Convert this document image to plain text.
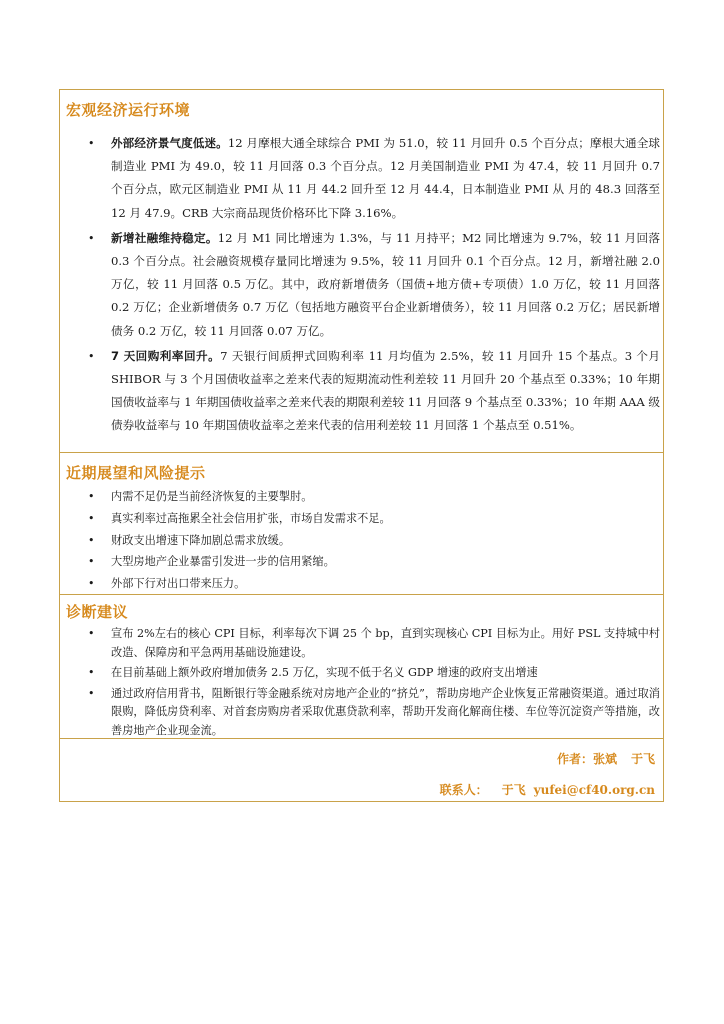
宏观经济运行环境
• 外部经济景气度低迷。12 月摩根大通全球综合 PMI 为 51.0，较 11 月回升 0.5 个百分点；摩根大通全球制造业 PMI 为 49.0，较 11 月回落 0.3 个百分点。12 月美国制造业 PMI 为 47.4，较 11 月回升 0.7 个百分点，欧元区制造业 PMI 从 11 月 44.2 回升至 12 月 44.4，日本制造业 PMI 从 月的 48.3 回落至 12 月 47.9。CRB 大宗商品现货价格环比下降 3.16%。
• 新增社融维持稳定。12 月 M1 同比增速为 1.3%，与 11 月持平；M2 同比增速为 9.7%，较 11 月回落 0.3 个百分点。社会融资规模存量同比增速为 9.5%，较 11 月回升 0.1 个百分点。12 月，新增社融 2.0 万亿，较 11 月回落 0.5 万亿。其中，政府新增债务（国债+地方债+专项债）1.0 万亿，较 11 月回落 0.2 万亿；企业新增债务 0.7 万亿（包括地方融资平台企业新增债务），较 11 月回落 0.2 万亿；居民新增债务 0.2 万亿，较 11 月回落 0.07 万亿。
• 7 天回购利率回升。7 天银行间质押式回购利率 11 月均值为 2.5%，较 11 月回升 15 个基点。3 个月 SHIBOR 与 3 个月国债收益率之差来代表的短期流动性利差较 11 月回升 20 个基点至 0.33%；10 年期国债收益率与 1 年期国债收益率之差来代表的期限利差较 11 月回落 9 个基点至 0.33%；10 年期 AAA 级债券收益率与 10 年期国债收益率之差来代表的信用利差较 11 月回落 1 个基点至 0.51%。
近期展望和风险提示
• 内需不足仍是当前经济恢复的主要掣肘。
• 真实利率过高拖累全社会信用扩张，市场自发需求不足。
• 财政支出增速下降加剧总需求放缓。
• 大型房地产企业暴雷引发进一步的信用紧缩。
• 外部下行对出口带来压力。
诊断建议
• 宣布 2%左右的核心 CPI 目标，利率每次下调 25 个 bp，直到实现核心 CPI 目标为止。用好 PSL 支持城中村改造、保障房和平急两用基础设施建设。
• 在目前基础上额外政府增加债务 2.5 万亿，实现不低于名义 GDP 增速的政府支出增速
• 通过政府信用背书，阻断银行等金融系统对房地产企业的“挤兑”，帮助房地产企业恢复正常融资渠道。通过取消限购，降低房贷利率、对首套房购房者采取优惠贷款利率，帮助开发商化解商住楼、车位等沉淀资产等措施，改善房地产企业现金流。
作者：张斌 于飞
联系人： 于飞 yufei@cf40.org.cn
